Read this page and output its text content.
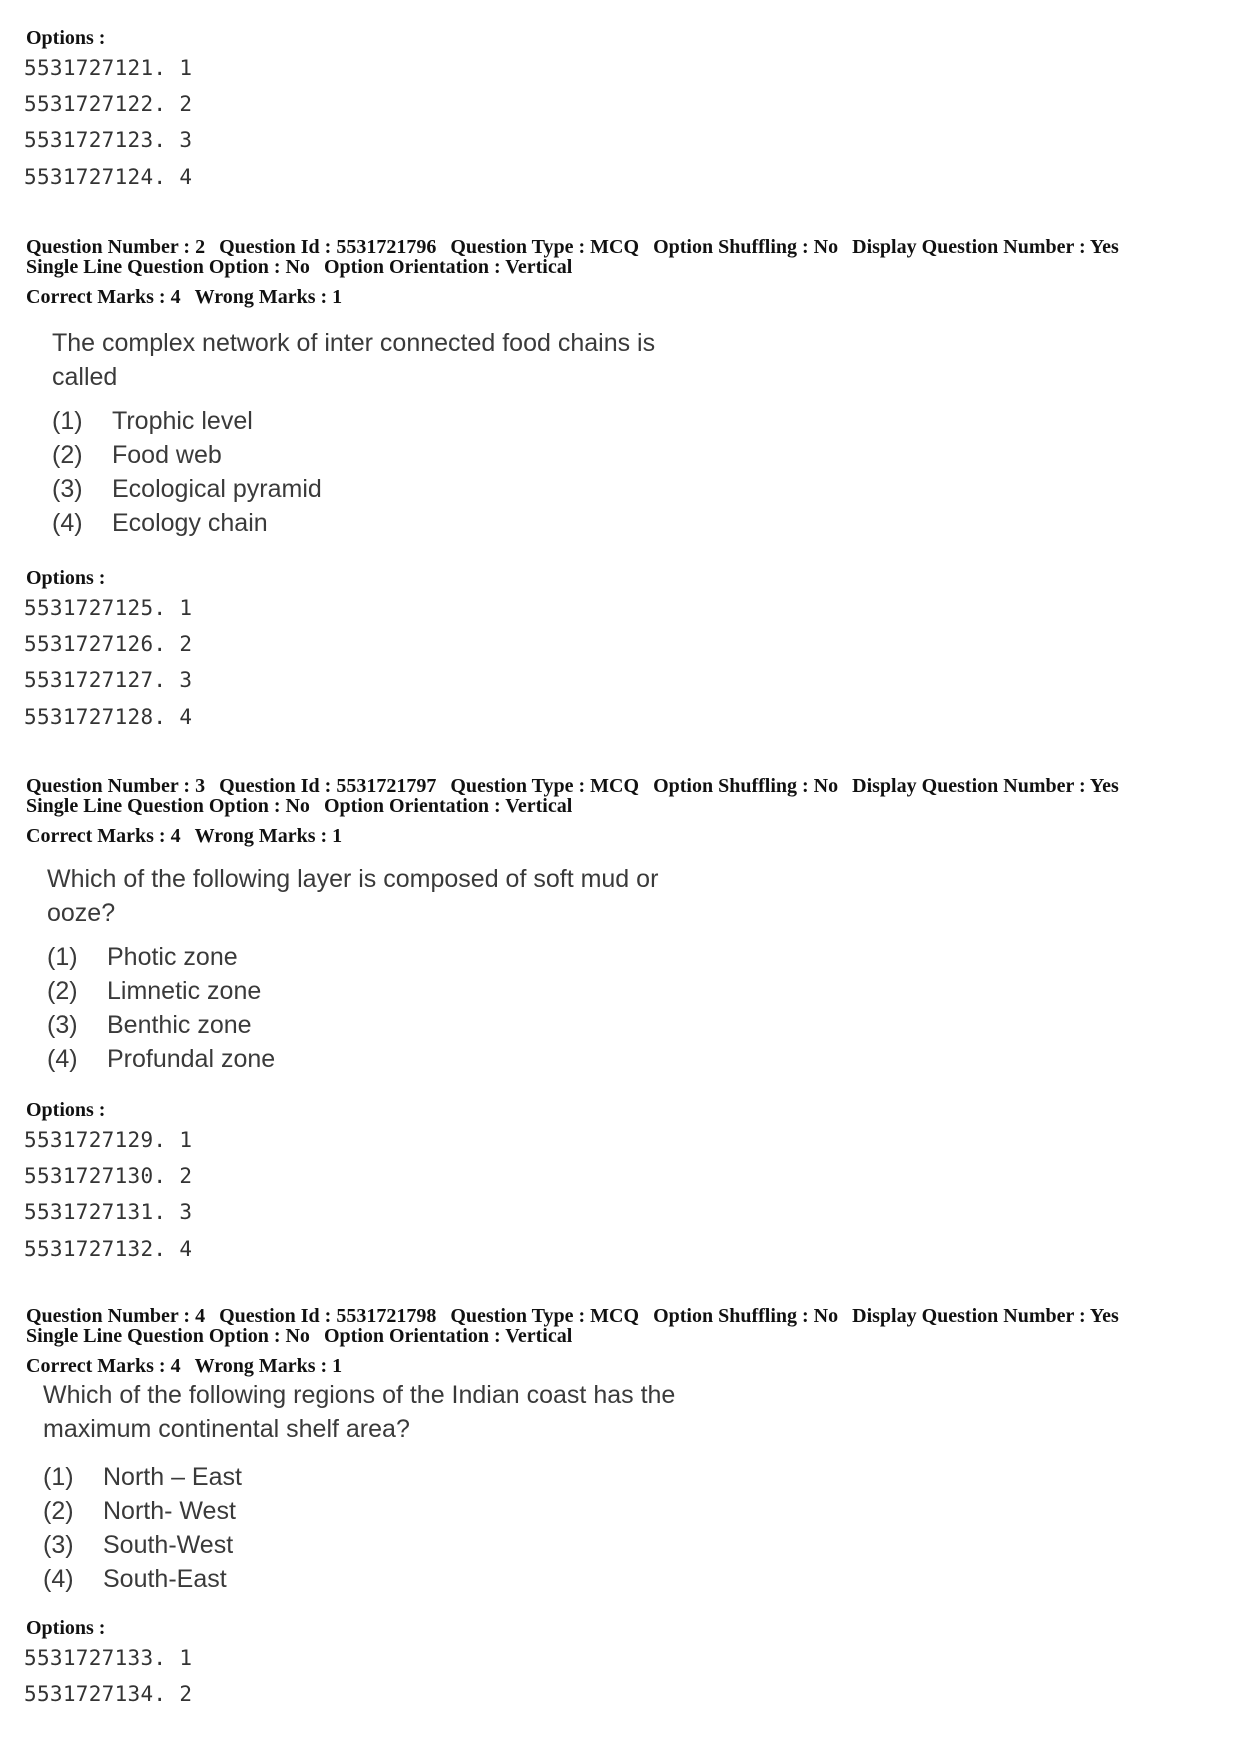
Options :
5531727121. 1
5531727122. 2
5531727123. 3
5531727124. 4
Question Number : 2 Question Id : 5531721796 Question Type : MCQ Option Shuffling : No Display Question Number : Yes
Single Line Question Option : No Option Orientation : Vertical
Correct Marks : 4 Wrong Marks : 1
The complex network of inter connected food chains is called
(1) Trophic level
(2) Food web
(3) Ecological pyramid
(4) Ecology chain
Options :
5531727125. 1
5531727126. 2
5531727127. 3
5531727128. 4
Question Number : 3 Question Id : 5531721797 Question Type : MCQ Option Shuffling : No Display Question Number : Yes
Single Line Question Option : No Option Orientation : Vertical
Correct Marks : 4 Wrong Marks : 1
Which of the following layer is composed of soft mud or ooze?
(1) Photic zone
(2) Limnetic zone
(3) Benthic zone
(4) Profundal zone
Options :
5531727129. 1
5531727130. 2
5531727131. 3
5531727132. 4
Question Number : 4 Question Id : 5531721798 Question Type : MCQ Option Shuffling : No Display Question Number : Yes
Single Line Question Option : No Option Orientation : Vertical
Correct Marks : 4 Wrong Marks : 1
Which of the following regions of the Indian coast has the maximum continental shelf area?
(1) North – East
(2) North- West
(3) South-West
(4) South-East
Options :
5531727133. 1
5531727134. 2
